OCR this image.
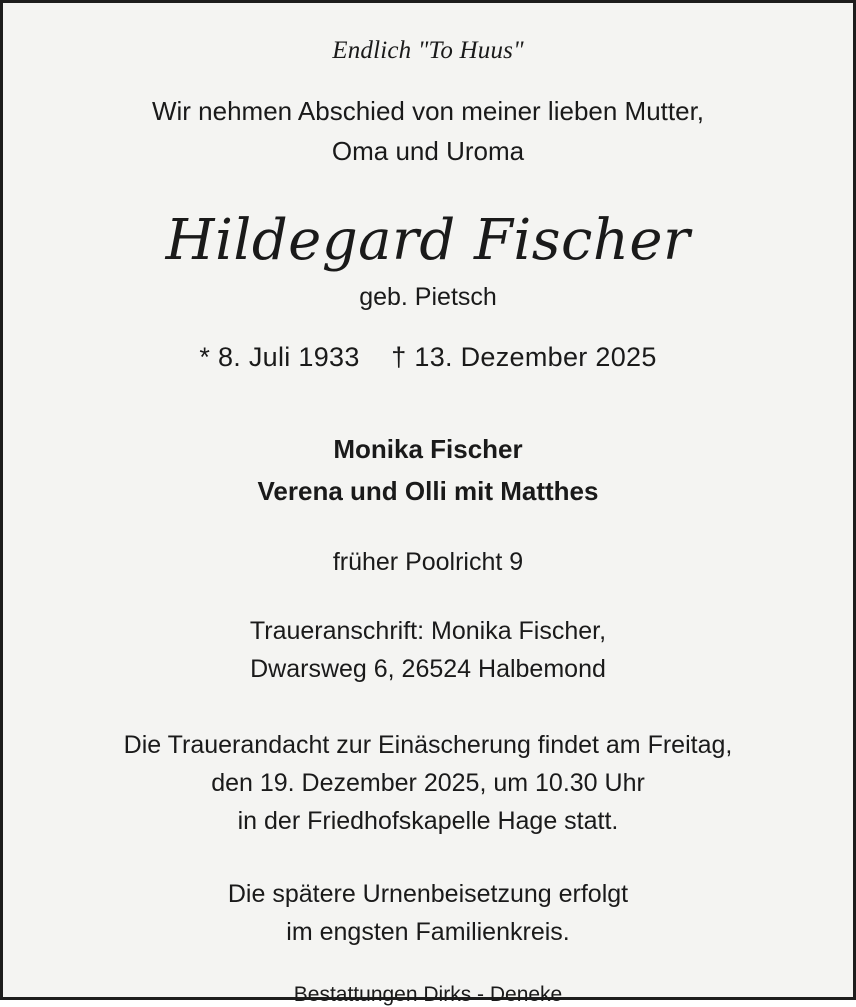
Endlich "To Huus"
Wir nehmen Abschied von meiner lieben Mutter,
Oma und Uroma
Hildegard Fischer
geb. Pietsch
* 8. Juli 1933 † 13. Dezember 2025
Monika Fischer
Verena und Olli mit Matthes
früher Poolricht 9
Traueranschrift: Monika Fischer,
Dwarsweg 6, 26524 Halbemond
Die Trauerandacht zur Einäscherung findet am Freitag,
den 19. Dezember 2025, um 10.30 Uhr
in der Friedhofskapelle Hage statt.
Die spätere Urnenbeisetzung erfolgt
im engsten Familienkreis.
Bestattungen Dirks - Deneke
